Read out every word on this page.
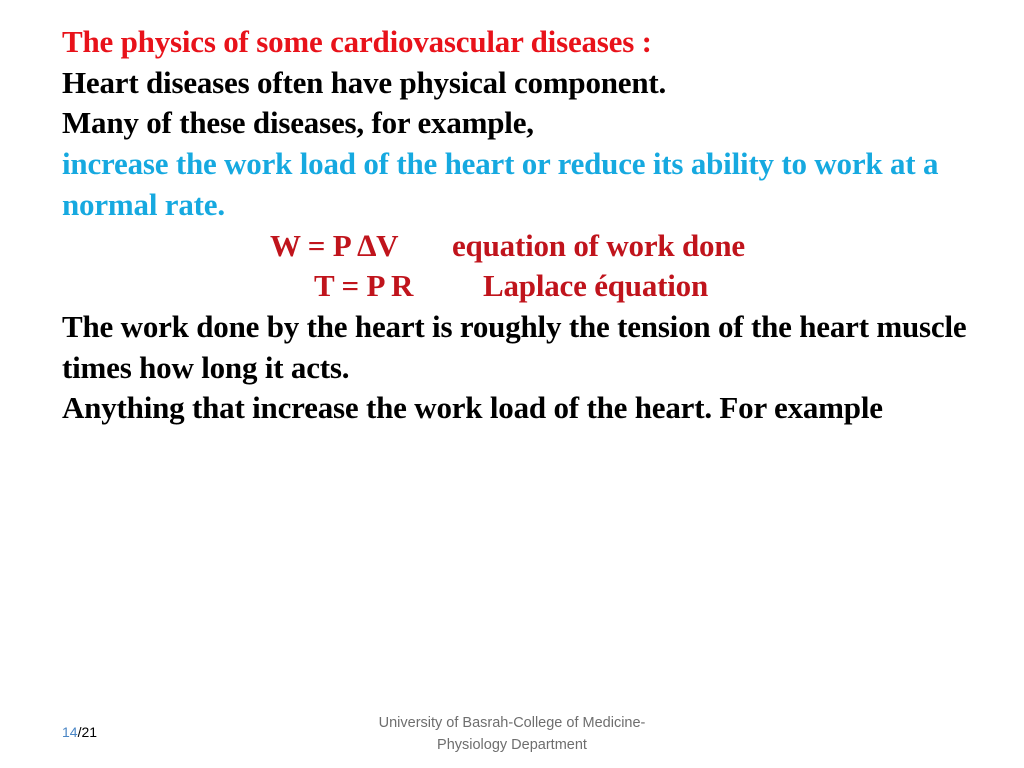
The physics of some cardiovascular diseases :
Heart diseases often have physical component.
Many of these diseases, for example,
increase the work load of the heart or reduce its ability to work at a normal rate.
W = P ∆V equation of work done
T = P R Laplace équation
The work done by the heart is roughly the tension of the heart muscle times how long it acts.
Anything that increase the work load of the heart. For example
14/21
University of Basrah-College of Medicine-
Physiology Department
